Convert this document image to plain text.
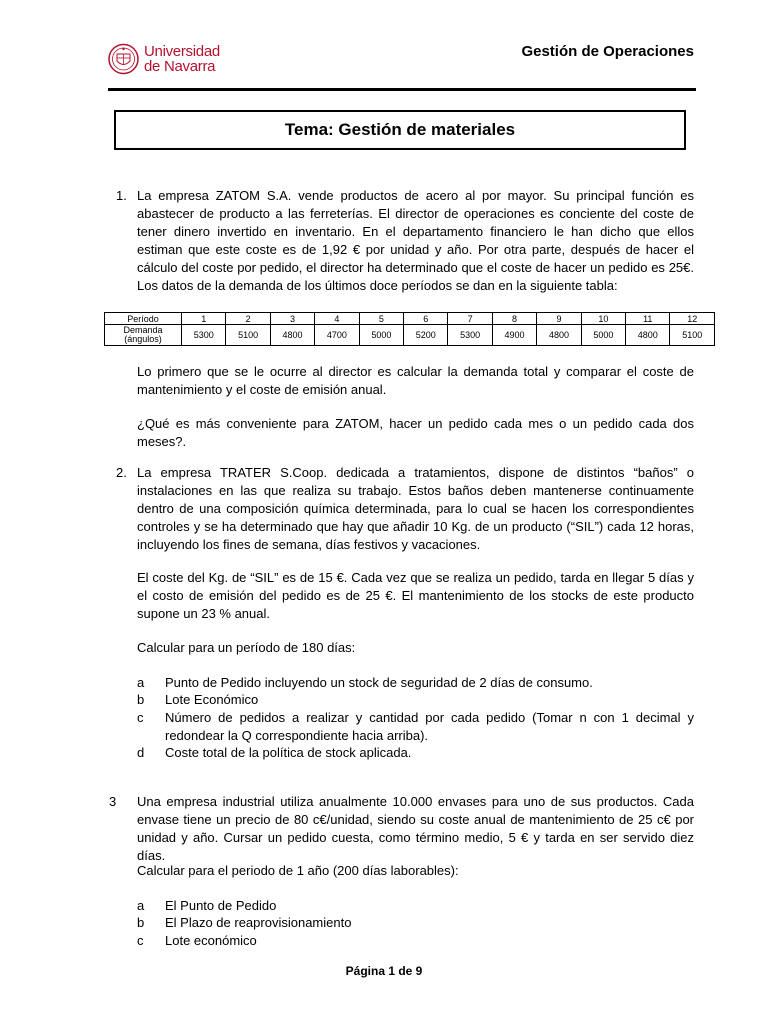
Universidad
de Navarra
Gestión de Operaciones
Tema: Gestión de materiales
1. La empresa ZATOM S.A. vende productos de acero al por mayor. Su principal función es abastecer de producto a las ferreterías. El director de operaciones es conciente del coste de tener dinero invertido en inventario. En el departamento financiero le han dicho que ellos estiman que este coste es de 1,92 € por unidad y año. Por otra parte, después de hacer el cálculo del coste por pedido, el director ha determinado que el coste de hacer un pedido es 25€. Los datos de la demanda de los últimos doce períodos se dan en la siguiente tabla:
Período	1	2	3	4	5	6	7	8	9	10	11	12

Demanda
(ángulos)	5300	5100	4800	4700	5000	5200	5300	4900	4800	5000	4800	5100
Lo primero que se le ocurre al director es calcular la demanda total y comparar el coste de mantenimiento y el coste de emisión anual.
¿Qué es más conveniente para ZATOM, hacer un pedido cada mes o un pedido cada dos meses?.
2. La empresa TRATER S.Coop. dedicada a tratamientos, dispone de distintos “baños” o instalaciones en las que realiza su trabajo. Estos baños deben mantenerse continuamente dentro de una composición química determinada, para lo cual se hacen los correspondientes controles y se ha determinado que hay que añadir 10 Kg. de un producto (“SIL”) cada 12 horas, incluyendo los fines de semana, días festivos y vacaciones.
El coste del Kg. de “SIL” es de 15 €. Cada vez que se realiza un pedido, tarda en llegar 5 días y el costo de emisión del pedido es de 25 €. El mantenimiento de los stocks de este producto supone un 23 % anual.
Calcular para un período de 180 días:
a Punto de Pedido incluyendo un stock de seguridad de 2 días de consumo.
b Lote Económico
c Número de pedidos a realizar y cantidad por cada pedido (Tomar n con 1 decimal y redondear la Q correspondiente hacia arriba).
d Coste total de la política de stock aplicada.
3	Una empresa industrial utiliza anualmente 10.000 envases para uno de sus productos. Cada envase tiene un precio de 80 c€/unidad, siendo su coste anual de mantenimiento de 25 c€ por unidad y año. Cursar un pedido cuesta, como término medio, 5 € y tarda en ser servido diez días.
Calcular para el periodo de 1 año (200 días laborables):
a El Punto de Pedido
b El Plazo de reaprovisionamiento
c Lote económico
Página 1 de 9
